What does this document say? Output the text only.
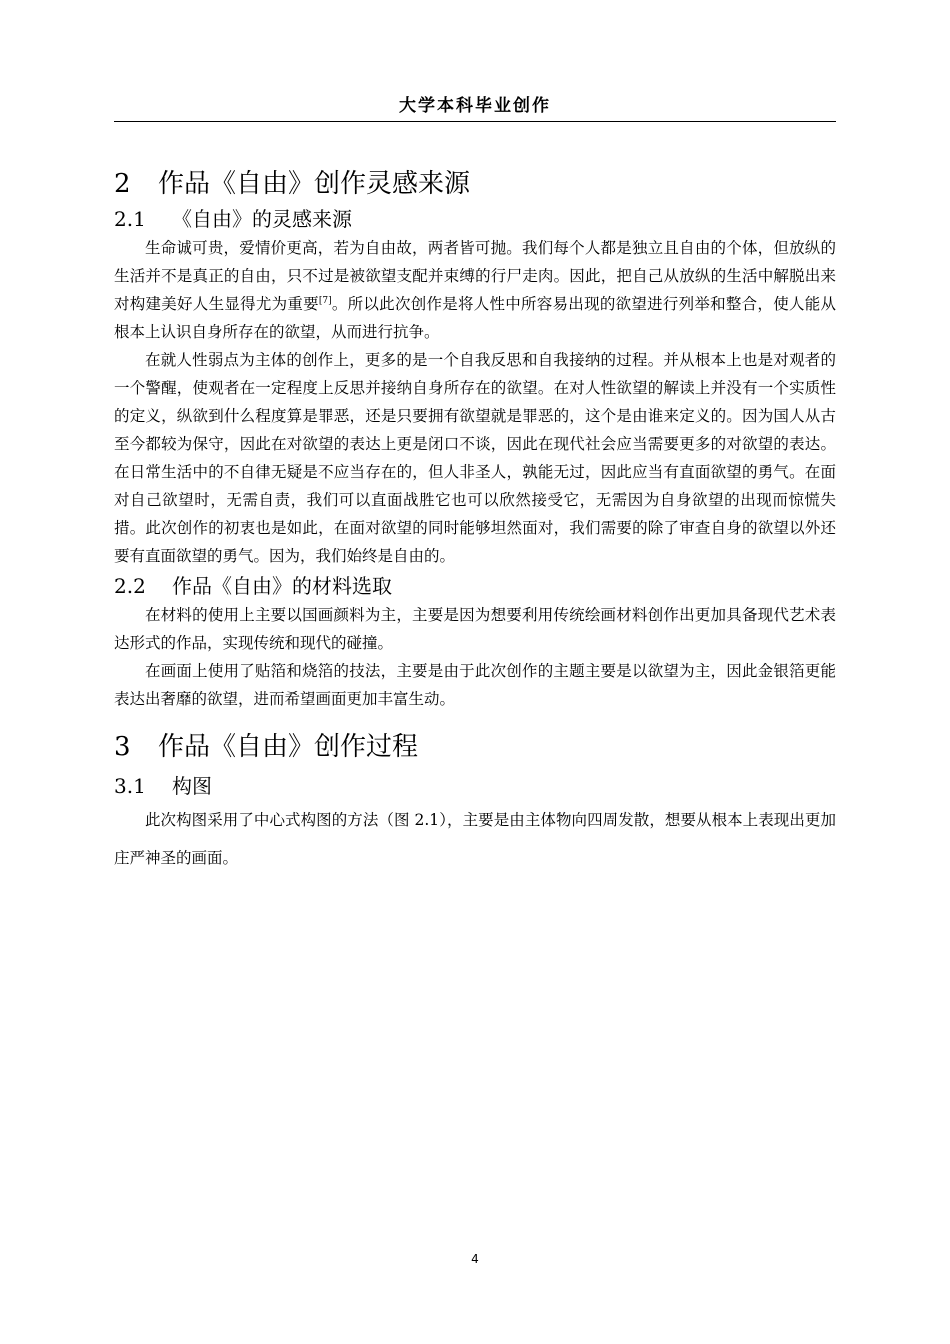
大学本科毕业创作
2 作品《自由》创作灵感来源
2.1 《自由》的灵感来源

生命诚可贵，爱情价更高，若为自由故，两者皆可抛。我们每个人都是独立且自由的个体，但放纵的生活并不是真正的自由，只不过是被欲望支配并束缚的行尸走肉。因此，把自己从放纵的生活中解脱出来对构建美好人生显得尤为重要[7]。所以此次创作是将人性中所容易出现的欲望进行列举和整合，使人能从根本上认识自身所存在的欲望，从而进行抗争。

在就人性弱点为主体的创作上，更多的是一个自我反思和自我接纳的过程。并从根本上也是对观者的一个警醒，使观者在一定程度上反思并接纳自身所存在的欲望。在对人性欲望的解读上并没有一个实质性的定义，纵欲到什么程度算是罪恶，还是只要拥有欲望就是罪恶的，这个是由谁来定义的。因为国人从古至今都较为保守，因此在对欲望的表达上更是闭口不谈，因此在现代社会应当需要更多的对欲望的表达。在日常生活中的不自律无疑是不应当存在的，但人非圣人，孰能无过，因此应当有直面欲望的勇气。在面对自己欲望时，无需自责，我们可以直面战胜它也可以欣然接受它，无需因为自身欲望的出现而惊慌失措。此次创作的初衷也是如此，在面对欲望的同时能够坦然面对，我们需要的除了审查自身的欲望以外还要有直面欲望的勇气。因为，我们始终是自由的。

2.2 作品《自由》的材料选取

在材料的使用上主要以国画颜料为主，主要是因为想要利用传统绘画材料创作出更加具备现代艺术表达形式的作品，实现传统和现代的碰撞。

在画面上使用了贴箔和烧箔的技法，主要是由于此次创作的主题主要是以欲望为主，因此金银箔更能表达出奢靡的欲望，进而希望画面更加丰富生动。

3 作品《自由》创作过程
3.1 构图

此次构图采用了中心式构图的方法（图 2.1），主要是由主体物向四周发散，想要从根本上表现出更加庄严神圣的画面。

4
